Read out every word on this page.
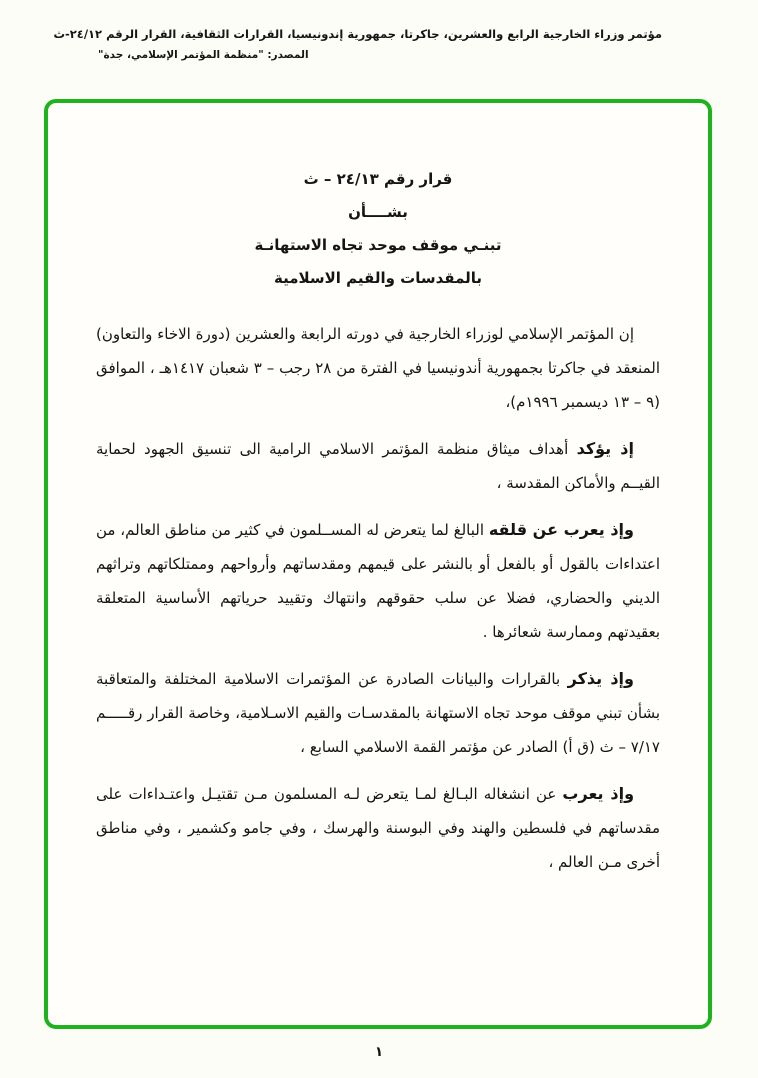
مؤتمر وزراء الخارجية الرابع والعشرين، جاكرتا، جمهورية إندونيسيا، القرارات الثقافية، القرار الرقم ٢٤/١٢-ث
المصدر: "منظمة المؤتمر الإسلامي، جدة"
قرار رقم ٢٤/١٣ – ث
بشــــأن
تبنـي موقف موحد تجاه الاستهانـة
بالمقدسات والقيم الاسلامية

إن المؤتمر الإسلامي لوزراء الخارجية في دورته الرابعة والعشرين (دورة الاخاء والتعاون) المنعقد في جاكرتا بجمهورية أندونيسيا في الفترة من ٢٨ رجب – ٣ شعبان ١٤١٧هـ ، الموافق (٩ – ١٣ ديسمبر ١٩٩٦م)،

إذ يؤكد أهداف ميثاق منظمة المؤتمر الاسلامي الرامية الى تنسيق الجهود لحماية القيــم والأماكن المقدسة ،

وإذ يعرب عن قلقه البالغ لما يتعرض له المســلمون في كثير من مناطق العالم، من اعتداءات بالقول أو بالفعل أو بالنشر على قيمهم ومقدساتهم وأرواحهم وممتلكاتهم وتراثهم الديني والحضاري، فضلا عن سلب حقوقهم وانتهاك وتقييد حرياتهم الأساسية المتعلقة بعقيدتهم وممارسة شعائرها .

وإذ يذكر بالقرارات والبيانات الصادرة عن المؤتمرات الاسلامية المختلفة والمتعاقبة بشأن تبني موقف موحد تجاه الاستهانة بالمقدسـات والقيم الاسـلامية، وخاصة القرار رقـــــم ٧/١٧ – ث (ق أ) الصادر عن مؤتمر القمة الاسلامي السابع ،

وإذ يعرب عن انشغاله البـالغ لمـا يتعرض لـه المسلمون مـن تقتيـل واعتـداءات على مقدساتهم في فلسطين والهند وفي البوسنة والهرسك ، وفي جامو وكشمير ، وفي مناطق أخرى مـن العالم ،

١
